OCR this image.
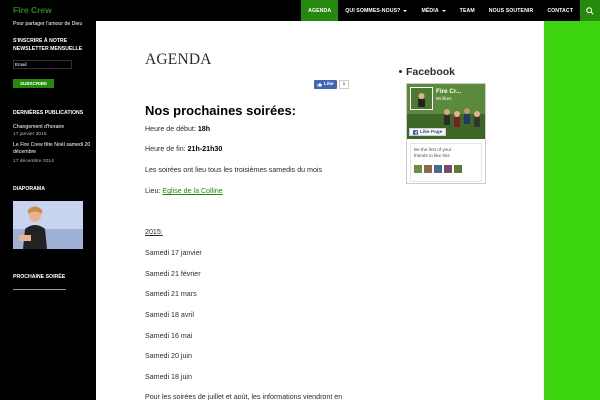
Fire Crew	AGENDA	QUI SOMMES-NOUS?	MÉDIA	TEAM	NOUS SOUTENIR	CONTACT
Pour partager l'amour de Dieu
S'INSCRIRE À NOTRE NEWSLETTER MENSUELLE
Email
SUBSCRIBE
DERNIÈRES PUBLICATIONS
Changement d'horaire
17 janvier 2015
Le Fire Crew fête Noël samedi 20 décembre
17 décembre 2014
DIAPORAMA
PROCHAINE SOIRÉE
AGENDA
Like	1
Nos prochaines soirées:
Heure de début: 18h
Heure de fin: 21h-21h30
Les soirées ont lieu tous les troisièmes samedis du mois
Lieu: Eglise de la Colline
2015:
Samedi 17 janvier
Samedi 21 février
Samedi 21 mars
Samedi 18 avril
Samedi 16 mai
Samedi 20 juin
Samedi 18 juin
Pour les soirées de juillet et août, les informations viendront en
Facebook
Fire Cr...
90 likes
Like Page
Be the first of your friends to like this
